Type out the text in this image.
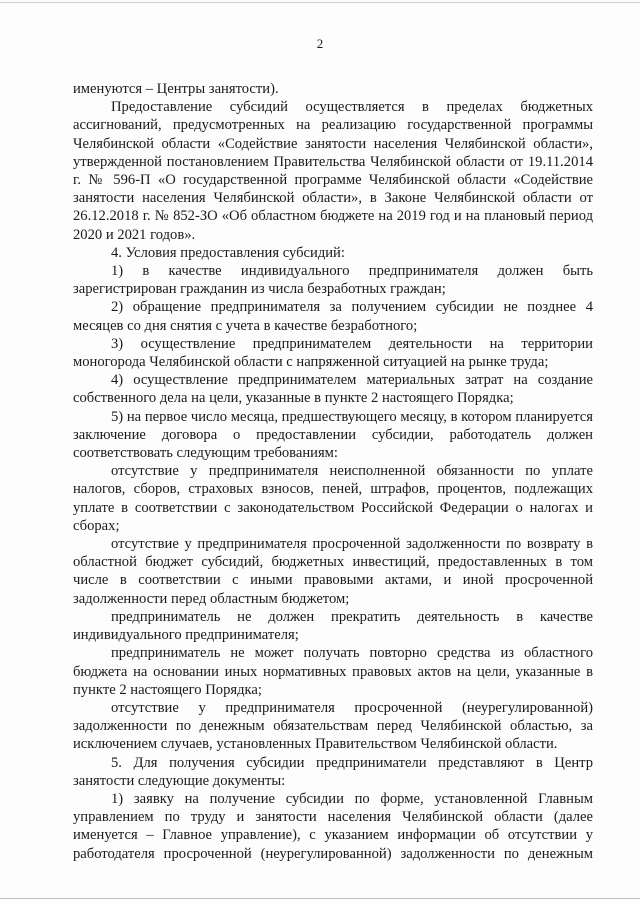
2

именуются – Центры занятости).

Предоставление субсидий осуществляется в пределах бюджетных ассигнований, предусмотренных на реализацию государственной программы Челябинской области «Содействие занятости населения Челябинской области», утвержденной постановлением Правительства Челябинской области от 19.11.2014 г. № 596-П «О государственной программе Челябинской области «Содействие занятости населения Челябинской области», в Законе Челябинской области от 26.12.2018 г. № 852-ЗО «Об областном бюджете на 2019 год и на плановый период 2020 и 2021 годов».

4. Условия предоставления субсидий:

1) в качестве индивидуального предпринимателя должен быть зарегистрирован гражданин из числа безработных граждан;

2) обращение предпринимателя за получением субсидии не позднее 4 месяцев со дня снятия с учета в качестве безработного;

3) осуществление предпринимателем деятельности на территории моногорода Челябинской области с напряженной ситуацией на рынке труда;

4) осуществление предпринимателем материальных затрат на создание собственного дела на цели, указанные в пункте 2 настоящего Порядка;

5) на первое число месяца, предшествующего месяцу, в котором планируется заключение договора о предоставлении субсидии, работодатель должен соответствовать следующим требованиям:

отсутствие у предпринимателя неисполненной обязанности по уплате налогов, сборов, страховых взносов, пеней, штрафов, процентов, подлежащих уплате в соответствии с законодательством Российской Федерации о налогах и сборах;

отсутствие у предпринимателя просроченной задолженности по возврату в областной бюджет субсидий, бюджетных инвестиций, предоставленных в том числе в соответствии с иными правовыми актами, и иной просроченной задолженности перед областным бюджетом;

предприниматель не должен прекратить деятельность в качестве индивидуального предпринимателя;

предприниматель не может получать повторно средства из областного бюджета на основании иных нормативных правовых актов на цели, указанные в пункте 2 настоящего Порядка;

отсутствие у предпринимателя просроченной (неурегулированной) задолженности по денежным обязательствам перед Челябинской областью, за исключением случаев, установленных Правительством Челябинской области.

5. Для получения субсидии предприниматели представляют в Центр занятости следующие документы:

1) заявку на получение субсидии по форме, установленной Главным управлением по труду и занятости населения Челябинской области (далее именуется – Главное управление), с указанием информации об отсутствии у работодателя просроченной (неурегулированной) задолженности по денежным
